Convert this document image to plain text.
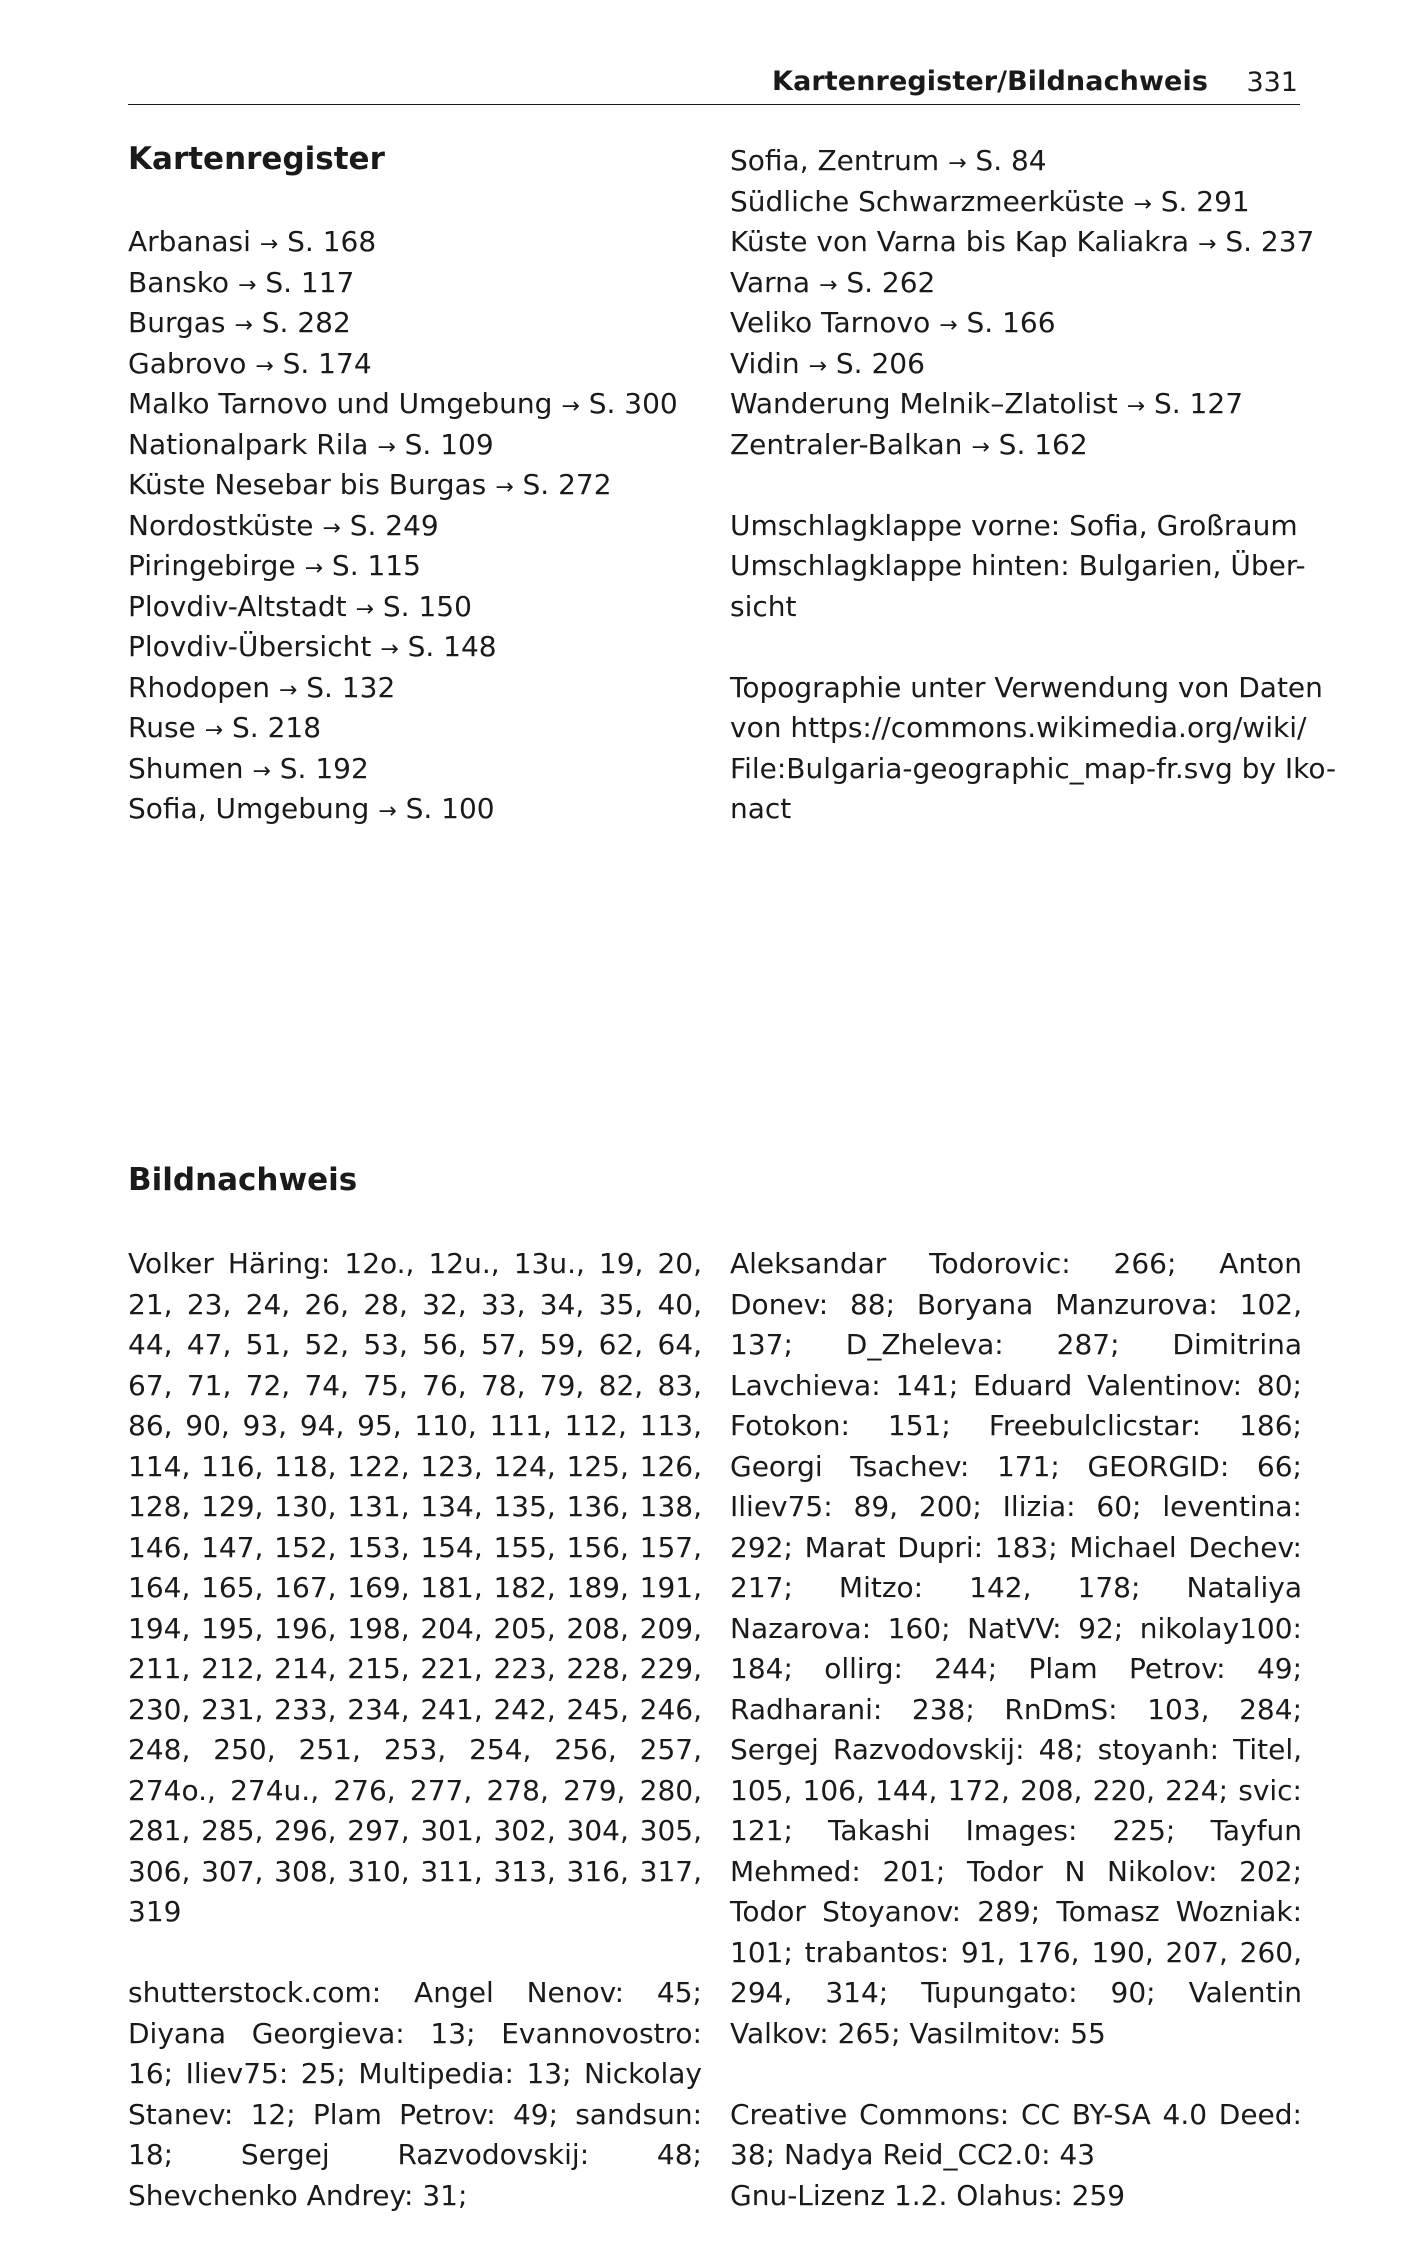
Kartenregister/Bildnachweis 331
Kartenregister
Arbanasi → S. 168
Bansko → S. 117
Burgas → S. 282
Gabrovo → S. 174
Malko Tarnovo und Umgebung → S. 300
Nationalpark Rila → S. 109
Küste Nesebar bis Burgas → S. 272
Nordostküste → S. 249
Piringebirge → S. 115
Plovdiv-Altstadt → S. 150
Plovdiv-Übersicht → S. 148
Rhodopen → S. 132
Ruse → S. 218
Shumen → S. 192
Sofia, Umgebung → S. 100
Sofia, Zentrum → S. 84
Südliche Schwarzmeerküste → S. 291
Küste von Varna bis Kap Kaliakra → S. 237
Varna → S. 262
Veliko Tarnovo → S. 166
Vidin → S. 206
Wanderung Melnik–Zlatolist → S. 127
Zentraler-Balkan → S. 162
Umschlagklappe vorne: Sofia, Großraum
Umschlagklappe hinten: Bulgarien, Über-
sicht
Topographie unter Verwendung von Daten
von https://commons.wikimedia.org/wiki/
File:Bulgaria-geographic_map-fr.svg by Iko-
nact
Bildnachweis
Volker Häring: 12o., 12u., 13u., 19, 20, 21, 23, 24, 26, 28, 32, 33, 34, 35, 40, 44, 47, 51, 52, 53, 56, 57, 59, 62, 64, 67, 71, 72, 74, 75, 76, 78, 79, 82, 83, 86, 90, 93, 94, 95, 110, 111, 112, 113, 114, 116, 118, 122, 123, 124, 125, 126, 128, 129, 130, 131, 134, 135, 136, 138, 146, 147, 152, 153, 154, 155, 156, 157, 164, 165, 167, 169, 181, 182, 189, 191, 194, 195, 196, 198, 204, 205, 208, 209, 211, 212, 214, 215, 221, 223, 228, 229, 230, 231, 233, 234, 241, 242, 245, 246, 248, 250, 251, 253, 254, 256, 257, 274o., 274u., 276, 277, 278, 279, 280, 281, 285, 296, 297, 301, 302, 304, 305, 306, 307, 308, 310, 311, 313, 316, 317, 319
shutterstock.com: Angel Nenov: 45; Diyana Georgieva: 13; Evannovostro: 16; Iliev75: 25; Multipedia: 13; Nickolay Stanev: 12; Plam Petrov: 49; sandsun: 18; Sergej Razvodovskij: 48; Shevchenko Andrey: 31;
Aleksandar Todorovic: 266; Anton Donev: 88; Boryana Manzurova: 102, 137; D_Zheleva: 287; Dimitrina Lavchieva: 141; Eduard Valentinov: 80; Fotokon: 151; Freebulclicstar: 186; Georgi Tsachev: 171; GEORGID: 66; Iliev75: 89, 200; Ilizia: 60; leventina: 292; Marat Dupri: 183; Michael Dechev: 217; Mitzo: 142, 178; Nataliya Nazarova: 160; NatVV: 92; nikolay100: 184; ollirg: 244; Plam Petrov: 49; Radharani: 238; RnDmS: 103, 284; Sergej Razvodovskij: 48; stoyanh: Titel, 105, 106, 144, 172, 208, 220, 224; svic: 121; Takashi Images: 225; Tayfun Mehmed: 201; Todor N Nikolov: 202; Todor Stoyanov: 289; Tomasz Wozniak: 101; trabantos: 91, 176, 190, 207, 260, 294, 314; Tupungato: 90; Valentin Valkov: 265; Vasilmitov: 55
Creative Commons: CC BY-SA 4.0 Deed: 38; Nadya Reid_CC2.0: 43
Gnu-Lizenz 1.2. Olahus: 259
